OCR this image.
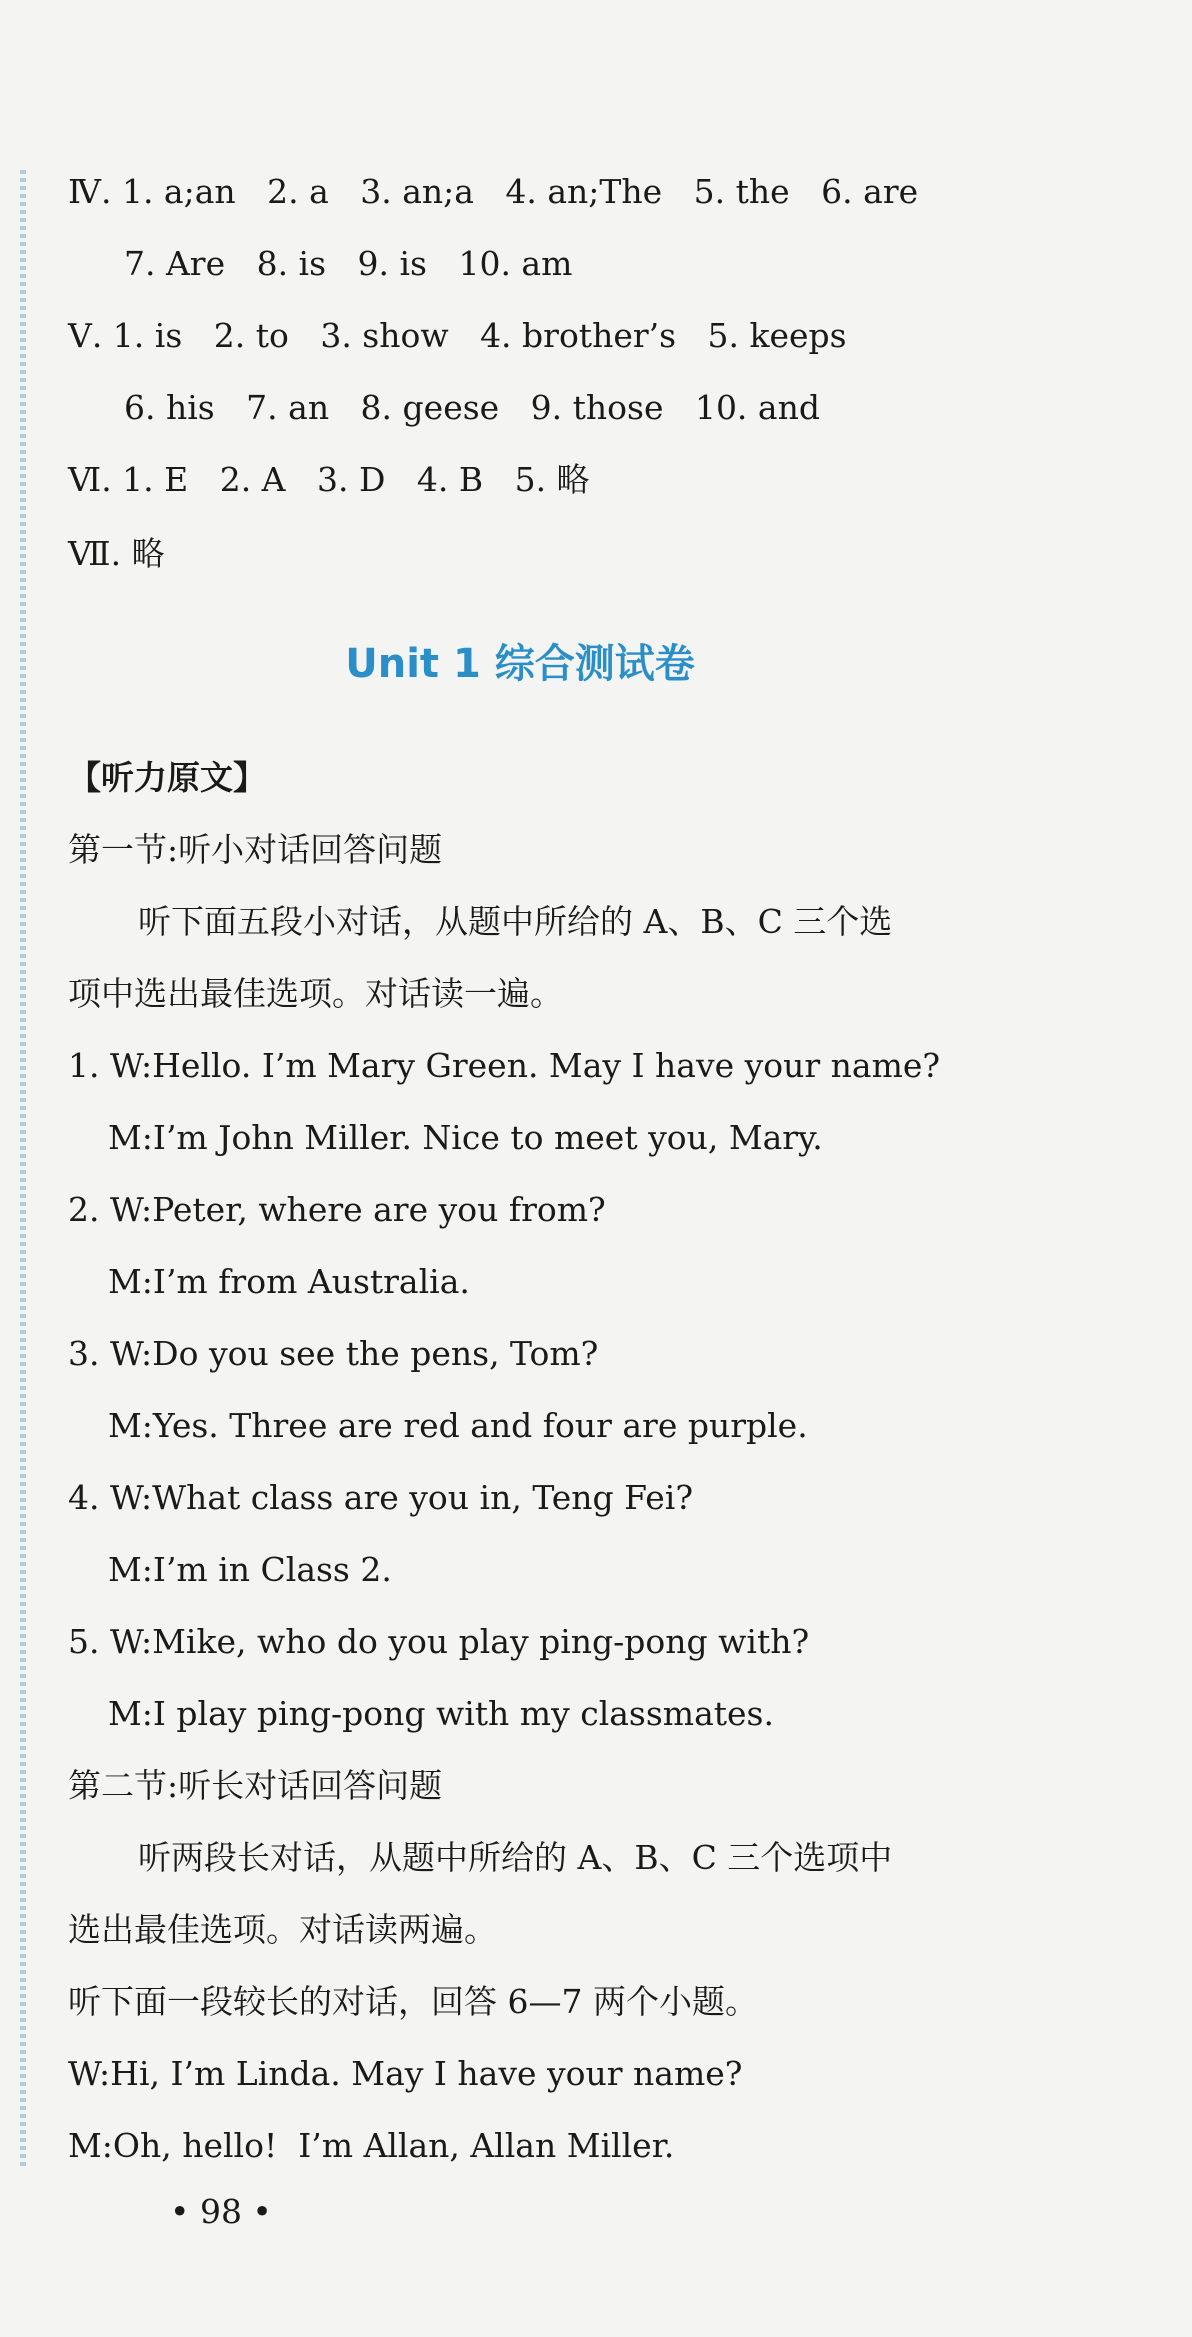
Ⅳ. 1. a;an   2. a   3. an;a   4. an;The   5. the   6. are
7. Are   8. is   9. is   10. am
Ⅴ. 1. is   2. to   3. show   4. brother’s   5. keeps
6. his   7. an   8. geese   9. those   10. and
Ⅵ. 1. E   2. A   3. D   4. B   5. 略
Ⅶ. 略
Unit 1 综合测试卷
【听力原文】
第一节:听小对话回答问题
听下面五段小对话，从题中所给的 A、B、C 三个选
项中选出最佳选项。对话读一遍。
1. W:Hello. I’m Mary Green. May I have your name?
M:I’m John Miller. Nice to meet you, Mary.
2. W:Peter, where are you from?
M:I’m from Australia.
3. W:Do you see the pens, Tom?
M:Yes. Three are red and four are purple.
4. W:What class are you in, Teng Fei?
M:I’m in Class 2.
5. W:Mike, who do you play ping-pong with?
M:I play ping-pong with my classmates.
第二节:听长对话回答问题
听两段长对话，从题中所给的 A、B、C 三个选项中
选出最佳选项。对话读两遍。
听下面一段较长的对话，回答 6—7 两个小题。
W:Hi, I’m Linda. May I have your name?
M:Oh, hello!  I’m Allan, Allan Miller.
• 98 •
